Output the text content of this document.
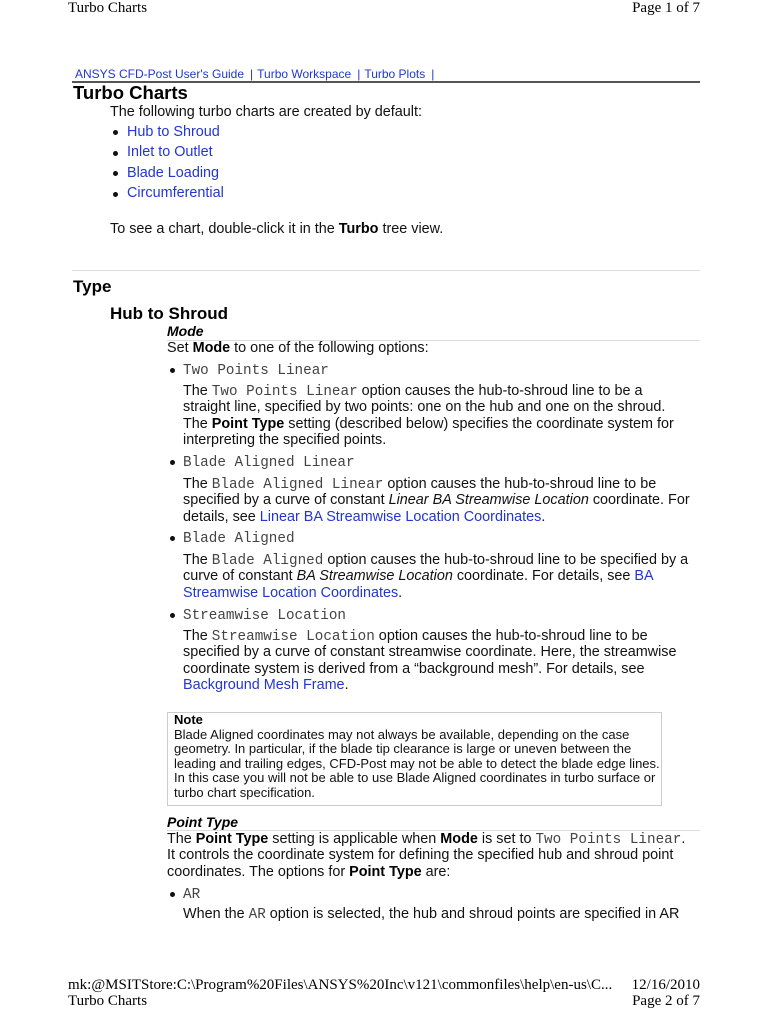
Turbo Charts	Page 1 of 7
ANSYS CFD-Post User's Guide | Turbo Workspace | Turbo Plots |
Turbo Charts
The following turbo charts are created by default:
Hub to Shroud
Inlet to Outlet
Blade Loading
Circumferential
To see a chart, double-click it in the Turbo tree view.
Type
Hub to Shroud
Mode
Set Mode to one of the following options:
Two Points Linear
The Two Points Linear option causes the hub-to-shroud line to be a
straight line, specified by two points: one on the hub and one on the shroud.
The Point Type setting (described below) specifies the coordinate system for
interpreting the specified points.
Blade Aligned Linear
The Blade Aligned Linear option causes the hub-to-shroud line to be
specified by a curve of constant Linear BA Streamwise Location coordinate. For
details, see Linear BA Streamwise Location Coordinates.
Blade Aligned
The Blade Aligned option causes the hub-to-shroud line to be specified by a
curve of constant BA Streamwise Location coordinate. For details, see BA
Streamwise Location Coordinates.
Streamwise Location
The Streamwise Location option causes the hub-to-shroud line to be
specified by a curve of constant streamwise coordinate. Here, the streamwise
coordinate system is derived from a “background mesh”. For details, see
Background Mesh Frame.
Note
Blade Aligned coordinates may not always be available, depending on the case
geometry. In particular, if the blade tip clearance is large or uneven between the
leading and trailing edges, CFD-Post may not be able to detect the blade edge lines.
In this case you will not be able to use Blade Aligned coordinates in turbo surface or
turbo chart specification.
Point Type
The Point Type setting is applicable when Mode is set to Two Points Linear.
It controls the coordinate system for defining the specified hub and shroud point
coordinates. The options for Point Type are:
AR
When the AR option is selected, the hub and shroud points are specified in AR
mk:@MSITStore:C:\Program%20Files\ANSYS%20Inc\v121\commonfiles\help\en-us\C... 12/16/2010
Turbo Charts	Page 2 of 7
